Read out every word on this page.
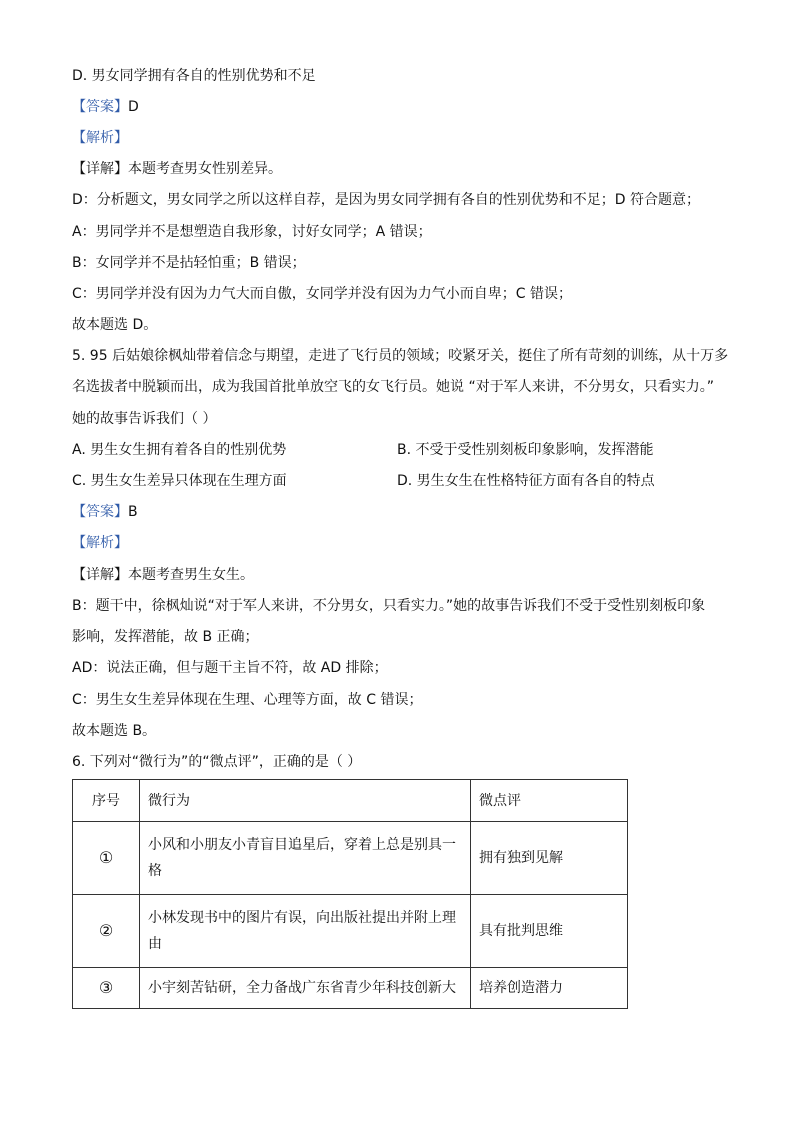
D. 男女同学拥有各自的性别优势和不足
【答案】D
【解析】
【详解】本题考查男女性别差异。
D：分析题文，男女同学之所以这样自荐，是因为男女同学拥有各自的性别优势和不足；D 符合题意；
A：男同学并不是想塑造自我形象，讨好女同学；A 错误；
B：女同学并不是拈轻怕重；B 错误；
C：男同学并没有因为力气大而自傲，女同学并没有因为力气小而自卑；C 错误；
故本题选 D。
5. 95 后姑娘徐枫灿带着信念与期望，走进了飞行员的领域；咬紧牙关，挺住了所有苛刻的训练，从十万多
名选拔者中脱颖而出，成为我国首批单放空飞的女飞行员。她说 “对于军人来讲，不分男女，只看实力。”
她的故事告诉我们（ ）
A. 男生女生拥有着各自的性别优势	B. 不受于受性别刻板印象影响，发挥潜能
C. 男生女生差异只体现在生理方面	D. 男生女生在性格特征方面有各自的特点
【答案】B
【解析】
【详解】本题考查男生女生。
B：题干中，徐枫灿说“对于军人来讲，不分男女，只看实力。”她的故事告诉我们不受于受性别刻板印象
影响，发挥潜能，故 B 正确；
AD：说法正确，但与题干主旨不符，故 AD 排除；
C：男生女生差异体现在生理、心理等方面，故 C 错误；
故本题选 B。
6. 下列对“微行为”的“微点评”，正确的是（ ）
序号	微行为	微点评
①	小风和小朋友小青盲目追星后，穿着上总是别具一
格	拥有独到见解
②	小林发现书中的图片有误，向出版社提出并附上理
由	具有批判思维
③	小宇刻苦钻研，全力备战广东省青少年科技创新大	培养创造潜力
